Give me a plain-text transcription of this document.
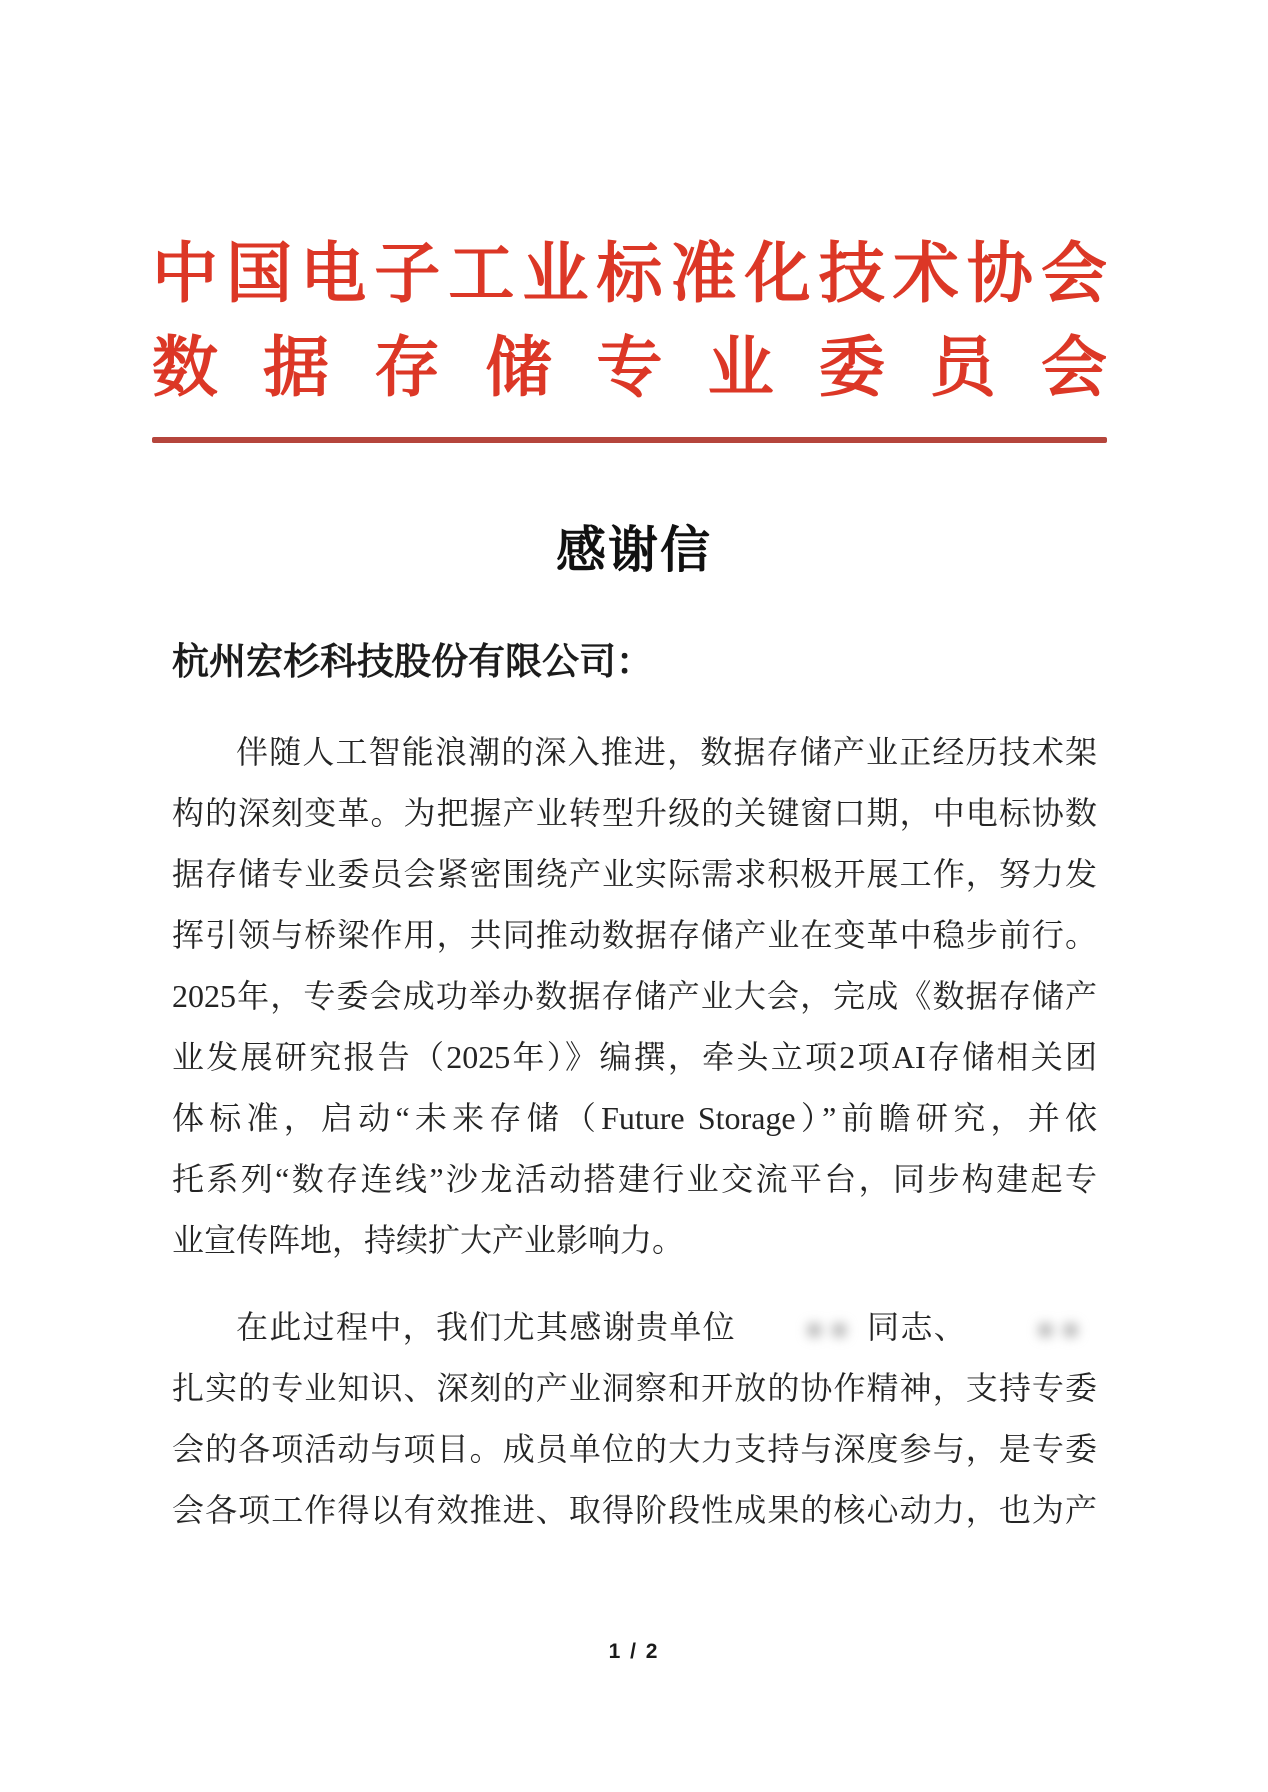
中 国 电 子 工 业 标 准 化 技 术 协 会
数 据 存 储 专 业 委 员 会
感谢信
杭州宏杉科技股份有限公司：
伴随人工智能浪潮的深入推进，数据存储产业正经历技术架
构的深刻变革。为把握产业转型升级的关键窗口期，中电标协数
据存储专业委员会紧密围绕产业实际需求积极开展工作，努力发
挥引领与桥梁作用，共同推动数据存储产业在变革中稳步前行。
2025年，专委会成功举办数据存储产业大会，完成《数据存储产
业发展研究报告（2025年）》编撰，牵头立项2项AI存储相关团
体标准，启动“未来存储（Future Storage）”前瞻研究，并依
托系列“数存连线”沙龙活动搭建行业交流平台，同步构建起专
业宣传阵地，持续扩大产业影响力。
在此过程中，我们尤其感谢贵单位	●● 同志、	●●
扎实的专业知识、深刻的产业洞察和开放的协作精神，支持专委
会的各项活动与项目。成员单位的大力支持与深度参与，是专委
会各项工作得以有效推进、取得阶段性成果的核心动力，也为产
1 / 2
